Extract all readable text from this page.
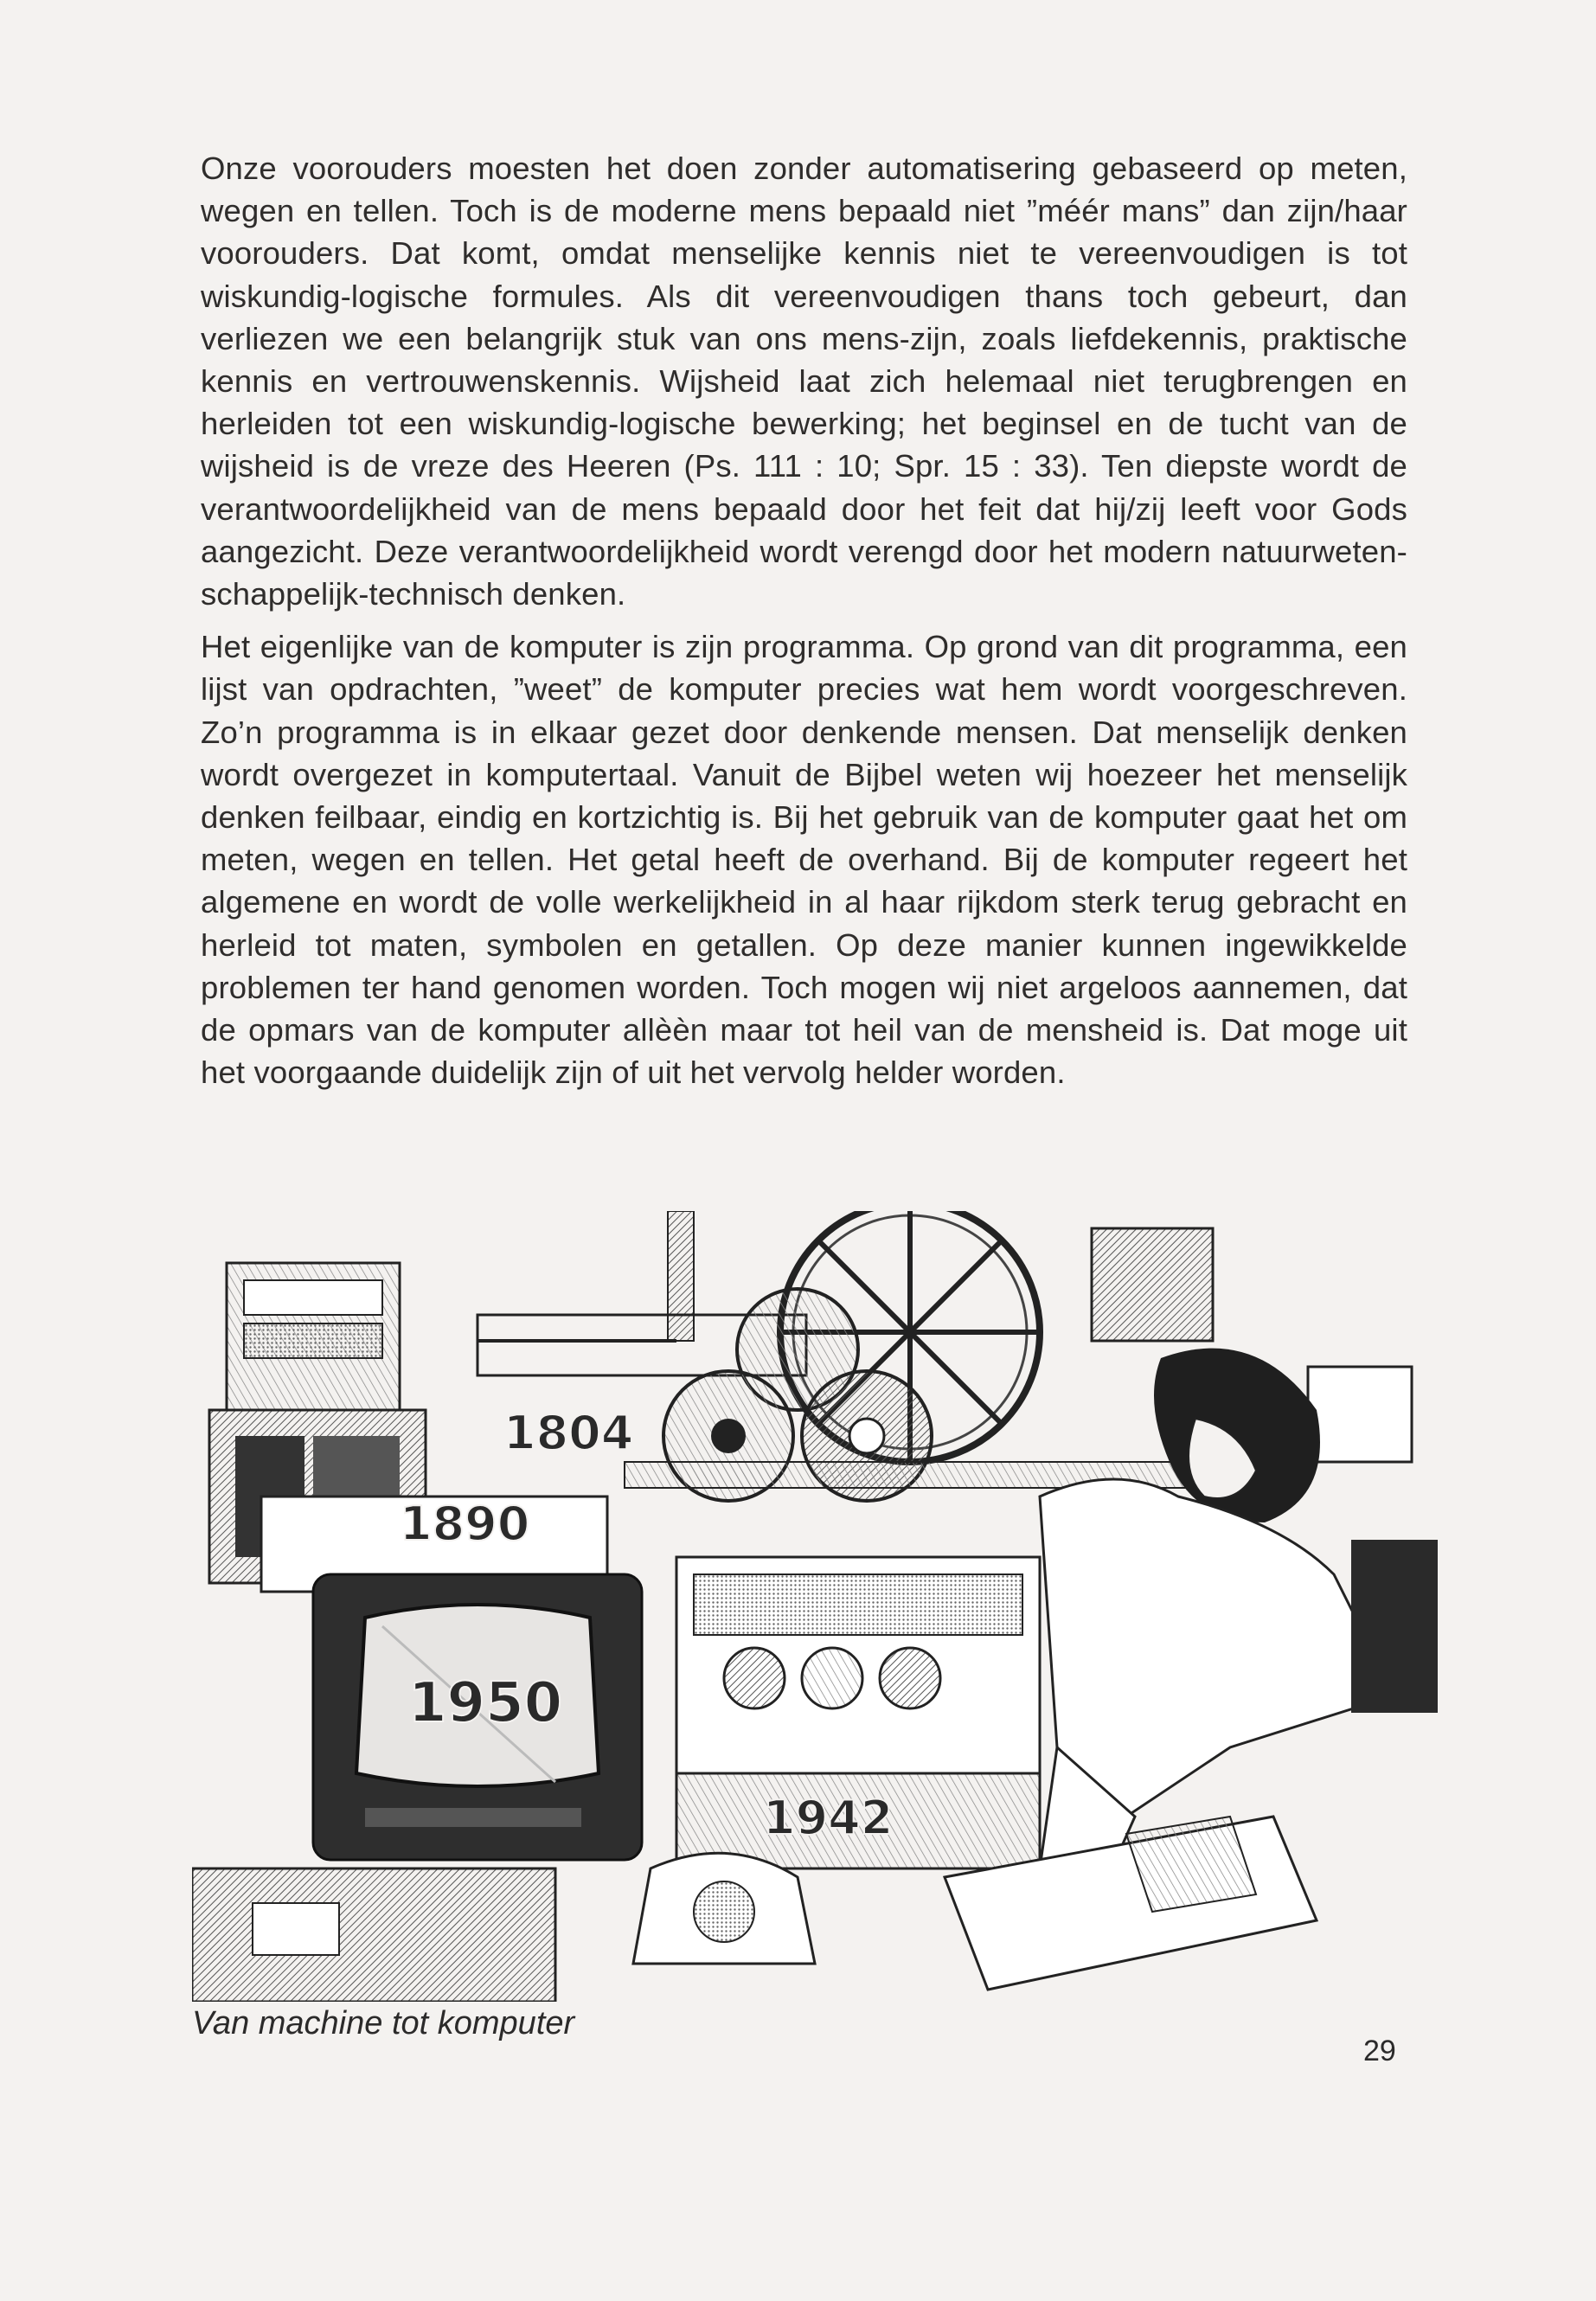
Onze voorouders moesten het doen zonder automatisering gebaseerd op meten, wegen en tellen. Toch is de moderne mens bepaald niet ”méér mans” dan zijn/haar voorouders. Dat komt, omdat menselijke kennis niet te vereenvoudigen is tot wiskundig-logische formules. Als dit vereenvoudigen thans toch gebeurt, dan verliezen we een belangrijk stuk van ons mens-zijn, zoals liefdekennis, praktische kennis en vertrouwenskennis. Wijsheid laat zich helemaal niet terugbrengen en herleiden tot een wiskundig-logische bewerking; het beginsel en de tucht van de wijsheid is de vreze des Heeren (Ps. 111 : 10; Spr. 15 : 33). Ten diepste wordt de verantwoordelijkheid van de mens bepaald door het feit dat hij/zij leeft voor Gods aangezicht. Deze verantwoordelijkheid wordt verengd door het modern natuurweten-schappelijk-technisch denken.

Het eigenlijke van de komputer is zijn programma. Op grond van dit programma, een lijst van opdrachten, ”weet” de komputer precies wat hem wordt voorgeschreven. Zo’n programma is in elkaar gezet door denkende mensen. Dat menselijk denken wordt overgezet in komputertaal. Vanuit de Bijbel weten wij hoezeer het menselijk denken feilbaar, eindig en kortzichtig is. Bij het gebruik van de komputer gaat het om meten, wegen en tellen. Het getal heeft de overhand. Bij de komputer regeert het algemene en wordt de volle werkelijkheid in al haar rijkdom sterk terug gebracht en herleid tot maten, symbolen en getallen. Op deze manier kunnen ingewikkelde problemen ter hand genomen worden. Toch mogen wij niet argeloos aannemen, dat de opmars van de komputer allèèn maar tot heil van de mensheid is. Dat moge uit het voorgaande duidelijk zijn of uit het vervolg helder worden.

1804
1890
1950
1942
Van machine tot komputer
29
